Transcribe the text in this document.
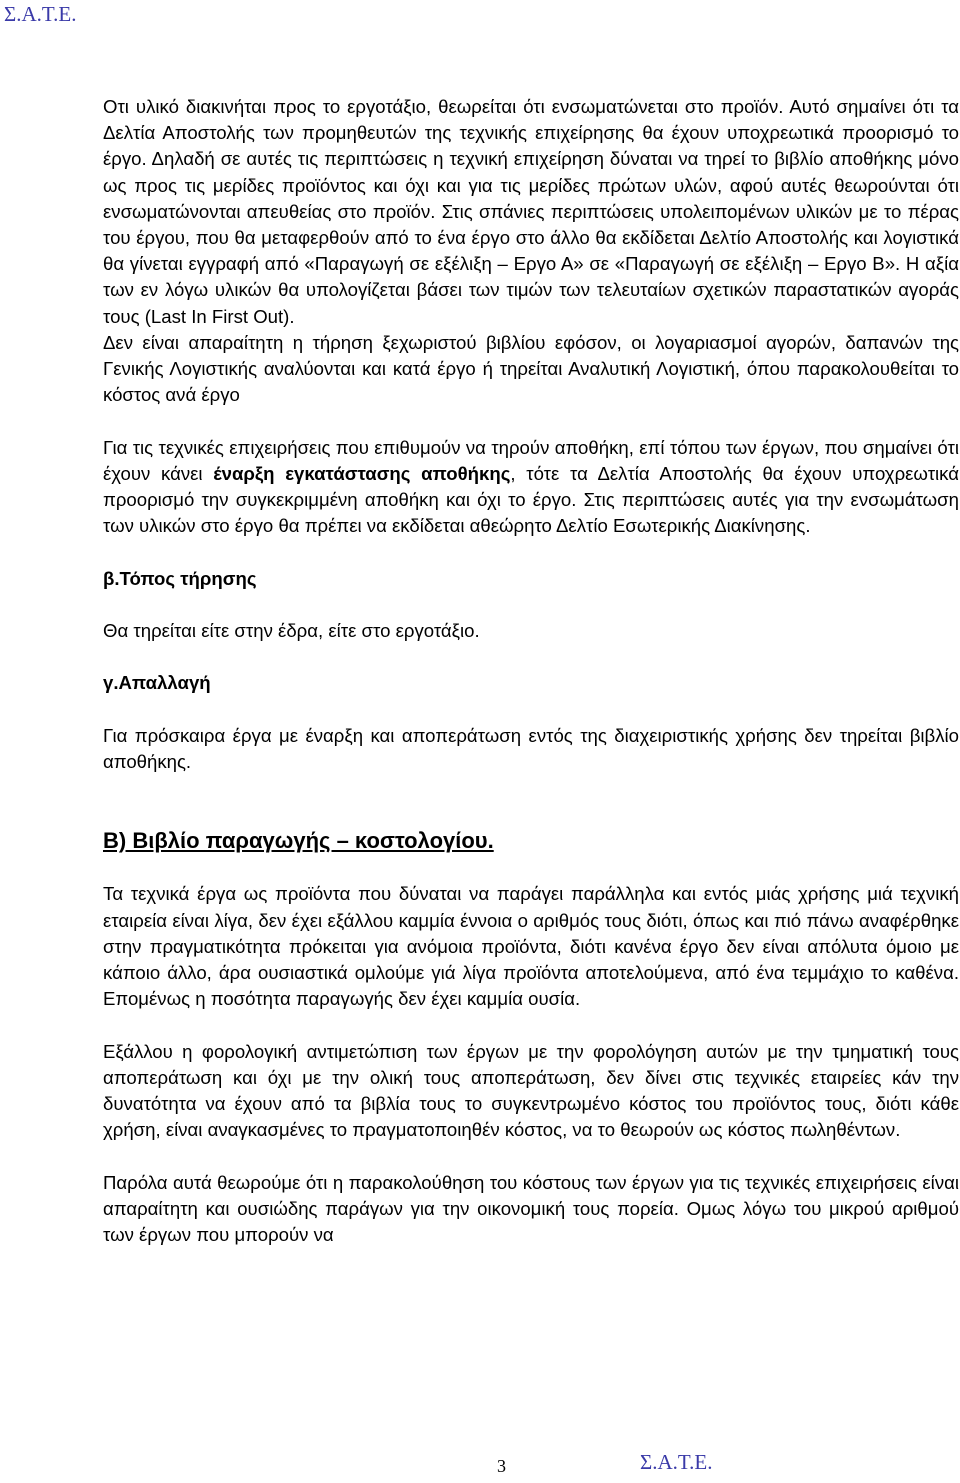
Σ.Α.Τ.Ε.

Οτι υλικό διακινήται προς το εργοτάξιο, θεωρείται ότι ενσωματώνεται στο προϊόν. Αυτό σημαίνει ότι τα Δελτία Αποστολής των προμηθευτών της τεχνικής επιχείρησης θα έχουν υποχρεωτικά προορισμό το έργο. Δηλαδή σε αυτές τις περιπτώσεις η τεχνική επιχείρηση δύναται να τηρεί το βιβλίο αποθήκης μόνο ως προς τις μερίδες προϊόντος και όχι και για τις μερίδες πρώτων υλών, αφού αυτές θεωρούνται ότι ενσωματώνονται απευθείας στο προϊόν. Στις σπάνιες περιπτώσεις υπολειπομένων υλικών με το πέρας του έργου, που θα μεταφερθούν από το ένα έργο στο άλλο θα εκδίδεται Δελτίο Αποστολής και λογιστικά θα γίνεται εγγραφή από «Παραγωγή σε εξέλιξη – Εργο Α» σε «Παραγωγή σε εξέλιξη – Εργο Β». Η αξία των εν λόγω υλικών θα υπολογίζεται βάσει των τιμών των τελευταίων σχετικών παραστατικών αγοράς τους (Last In First Out).

Δεν είναι απαραίτητη η τήρηση ξεχωριστού βιβλίου εφόσον, οι λογαριασμοί αγορών, δαπανών της Γενικής Λογιστικής αναλύονται και κατά έργο ή τηρείται Αναλυτική Λογιστική, όπου παρακολουθείται το κόστος ανά έργο

Για τις τεχνικές επιχειρήσεις που επιθυμούν να τηρούν αποθήκη, επί τόπου των έργων, που σημαίνει ότι έχουν κάνει έναρξη εγκατάστασης αποθήκης, τότε τα Δελτία Αποστολής θα έχουν υποχρεωτικά προορισμό την συγκεκριμμένη αποθήκη και όχι το έργο. Στις περιπτώσεις αυτές για την ενσωμάτωση των υλικών στο έργο θα πρέπει να εκδίδεται αθεώρητο Δελτίο Εσωτερικής Διακίνησης.

β.Τόπος τήρησης

Θα τηρείται είτε στην έδρα, είτε στο εργοτάξιο.

γ.Απαλλαγή

Για πρόσκαιρα έργα με έναρξη και αποπεράτωση εντός της διαχειριστικής χρήσης δεν τηρείται βιβλίο αποθήκης.

Β) Βιβλίο παραγωγής – κοστολογίου.

Τα τεχνικά έργα ως προϊόντα που δύναται να παράγει παράλληλα και εντός μιάς χρήσης μιά τεχνική εταιρεία είναι λίγα, δεν έχει εξάλλου καμμία έννοια ο αριθμός τους διότι, όπως και πιό πάνω αναφέρθηκε στην πραγματικότητα πρόκειται για ανόμοια προϊόντα, διότι κανένα έργο δεν είναι απόλυτα όμοιο με κάποιο άλλο, άρα ουσιαστικά ομλούμε γιά λίγα προϊόντα αποτελούμενα, από ένα τεμμάχιο το καθένα. Επομένως η ποσότητα παραγωγής δεν έχει καμμία ουσία.

Εξάλλου η φορολογική αντιμετώπιση των έργων με την φορολόγηση αυτών με την τμηματική τους αποπεράτωση και όχι με την ολική τους αποπεράτωση, δεν δίνει στις τεχνικές εταιρείες κάν την δυνατότητα να έχουν από τα βιβλία τους το συγκεντρωμένο κόστος του προϊόντος τους, διότι κάθε χρήση, είναι αναγκασμένες το πραγματοποιηθέν κόστος, να το θεωρούν ως κόστος πωληθέντων.

Παρόλα αυτά θεωρούμε ότι η παρακολούθηση του κόστους των έργων για τις τεχνικές επιχειρήσεις είναι απαραίτητη και ουσιώδης παράγων για την οικονομική τους πορεία. Ομως λόγω του μικρού αριθμού των έργων που μπορούν να

3	Σ.Α.Τ.Ε.
